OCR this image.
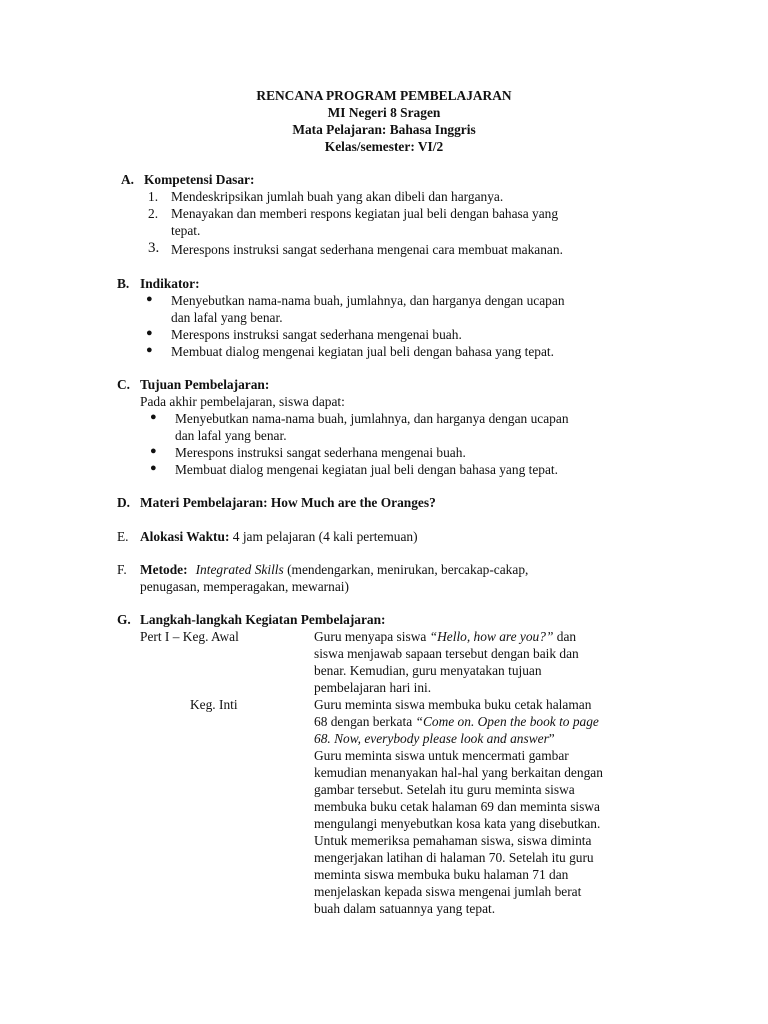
RENCANA PROGRAM PEMBELAJARAN
MI Negeri 8 Sragen
Mata Pelajaran: Bahasa Inggris
Kelas/semester: VI/2
A. Kompetensi Dasar:
1. Mendeskripsikan jumlah buah yang akan dibeli dan harganya.
2. Menayakan dan memberi respons kegiatan jual beli dengan bahasa yang
tepat.
3. Merespons instruksi sangat sederhana mengenai cara membuat makanan.
B. Indikator:
● Menyebutkan nama-nama buah, jumlahnya, dan harganya dengan ucapan
dan lafal yang benar.
● Merespons instruksi sangat sederhana mengenai buah.
● Membuat dialog mengenai kegiatan jual beli dengan bahasa yang tepat.
C. Tujuan Pembelajaran:
Pada akhir pembelajaran, siswa dapat:
● Menyebutkan nama-nama buah, jumlahnya, dan harganya dengan ucapan
dan lafal yang benar.
● Merespons instruksi sangat sederhana mengenai buah.
● Membuat dialog mengenai kegiatan jual beli dengan bahasa yang tepat.
D. Materi Pembelajaran: How Much are the Oranges?
E. Alokasi Waktu: 4 jam pelajaran (4 kali pertemuan)
F. Metode: Integrated Skills (mendengarkan, menirukan, bercakap-cakap,
penugasan, memperagakan, mewarnai)
G. Langkah-langkah Kegiatan Pembelajaran:
Pert I – Keg. Awal	Guru menyapa siswa “Hello, how are you?” dan
siswa menjawab sapaan tersebut dengan baik dan
benar. Kemudian, guru menyatakan tujuan
pembelajaran hari ini.
Keg. Inti	Guru meminta siswa membuka buku cetak halaman
68 dengan berkata “Come on. Open the book to page
68. Now, everybody please look and answer”
Guru meminta siswa untuk mencermati gambar
kemudian menanyakan hal-hal yang berkaitan dengan
gambar tersebut. Setelah itu guru meminta siswa
membuka buku cetak halaman 69 dan meminta siswa
mengulangi menyebutkan kosa kata yang disebutkan.
Untuk memeriksa pemahaman siswa, siswa diminta
mengerjakan latihan di halaman 70. Setelah itu guru
meminta siswa membuka buku halaman 71 dan
menjelaskan kepada siswa mengenai jumlah berat
buah dalam satuannya yang tepat.
